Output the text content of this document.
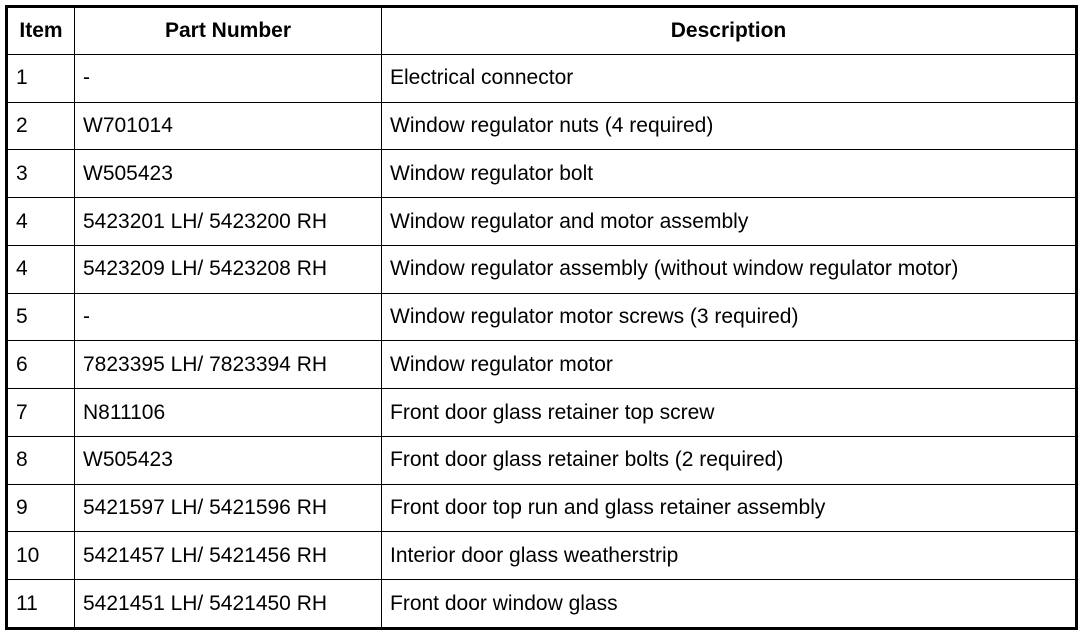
Item	Part Number	Description
1	-	Electrical connector
2	W701014	Window regulator nuts (4 required)
3	W505423	Window regulator bolt
4	5423201 LH/ 5423200 RH	Window regulator and motor assembly
4	5423209 LH/ 5423208 RH	Window regulator assembly (without window regulator motor)
5	-	Window regulator motor screws (3 required)
6	7823395 LH/ 7823394 RH	Window regulator motor
7	N811106	Front door glass retainer top screw
8	W505423	Front door glass retainer bolts (2 required)
9	5421597 LH/ 5421596 RH	Front door top run and glass retainer assembly
10	5421457 LH/ 5421456 RH	Interior door glass weatherstrip
11	5421451 LH/ 5421450 RH	Front door window glass
